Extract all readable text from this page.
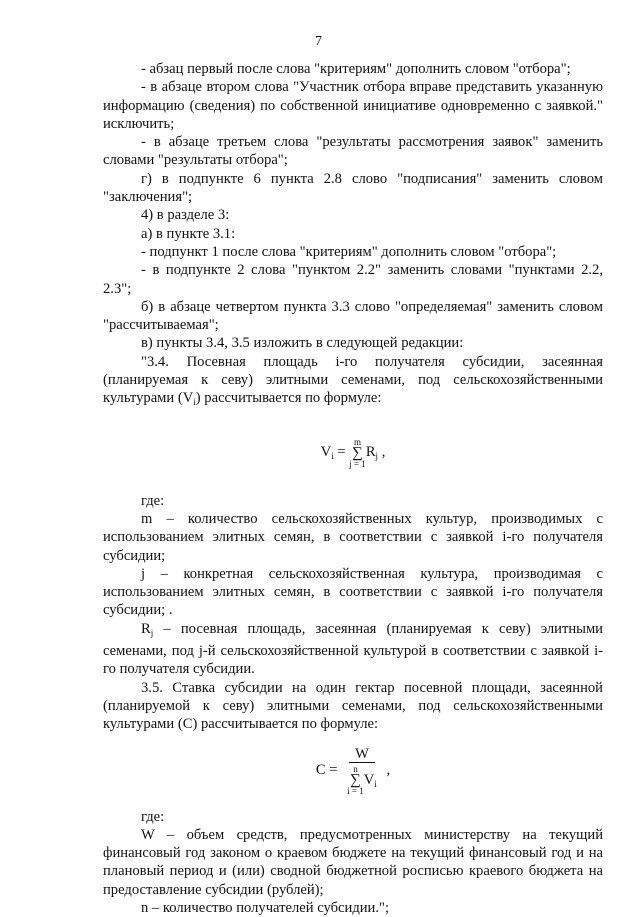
7

- абзац первый после слова "критериям" дополнить словом "отбора";

- в абзаце втором слова "Участник отбора вправе представить указанную информацию (сведения) по собственной инициативе одновременно с заявкой." исключить;

- в абзаце третьем слова "результаты рассмотрения заявок" заменить словами "результаты отбора";

г) в подпункте 6 пункта 2.8 слово "подписания" заменить словом "заключения";

4) в разделе 3:

а) в пункте 3.1:

- подпункт 1 после слова "критериям" дополнить словом "отбора";

- в подпункте 2 слова "пунктом 2.2" заменить словами "пунктами 2.2, 2.3";

б) в абзаце четвертом пункта 3.3 слово "определяемая" заменить словом "рассчитываемая";

в) пункты 3.4, 3.5 изложить в следующей редакции:

"3.4. Посевная площадь i-го получателя субсидии, засеянная (планируемая к севу) элитными семенами, под сельскохозяйственными культурами $(V_i)$ рассчитывается по формуле:

$V_i$ =
m
∑
j = 1
$R_j$ ,

где:

m – количество сельскохозяйственных культур, производимых с использованием элитных семян, в соответствии с заявкой i-го получателя субсидии;

j – конкретная сельскохозяйственная культура, производимая с использованием элитных семян, в соответствии с заявкой i-го получателя субсидии; .

$R_j$ – посевная площадь, засеянная (планируемая к севу) элитными семенами, под j-й сельскохозяйственной культурой в соответствии с заявкой i-го получателя субсидии.

3.5. Ставка субсидии на один гектар посевной площади, засеянной (планируемой к севу) элитными семенами, под сельскохозяйственными культурами (С) рассчитывается по формуле:

С = W
n
∑
i = 1
$V_i$ ,

где:

W – объем средств, предусмотренных министерству на текущий финансовый год законом о краевом бюджете на текущий финансовый год и на плановый период и (или) сводной бюджетной росписью краевого бюджета на предоставление субсидии (рублей);

n – количество получателей субсидии.";
